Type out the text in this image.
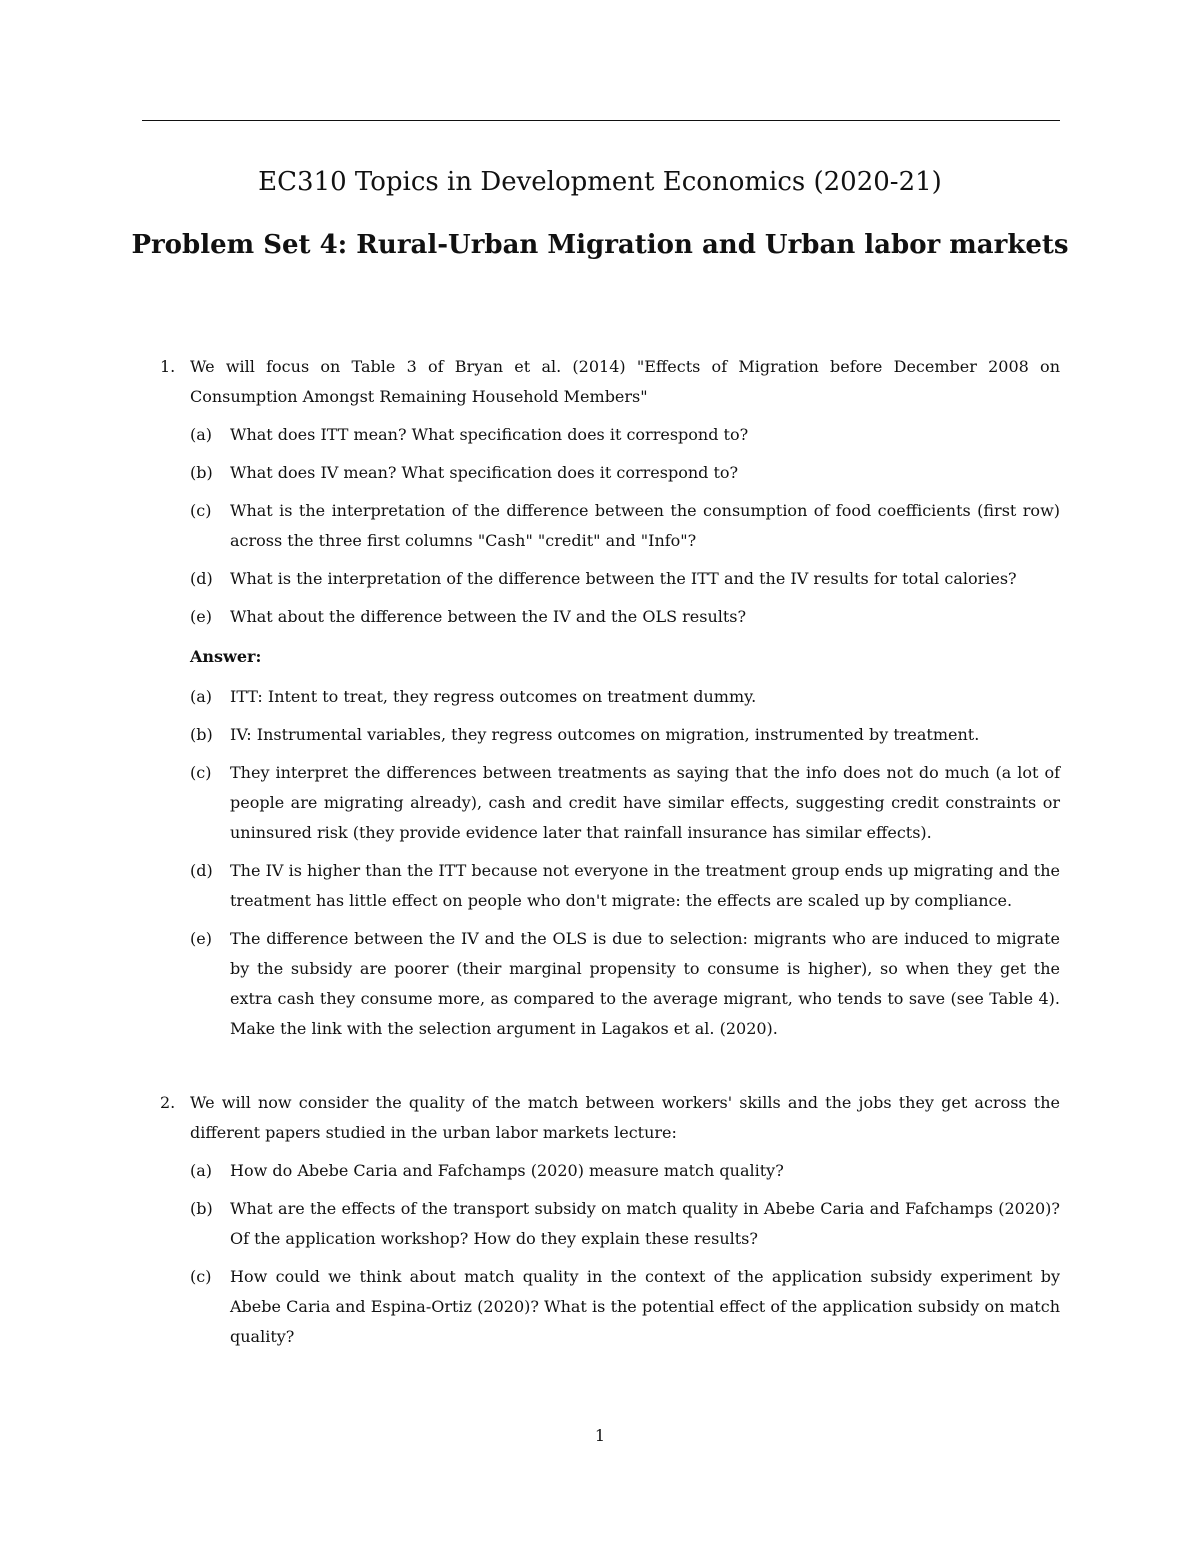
EC310 Topics in Development Economics (2020-21)
Problem Set 4: Rural-Urban Migration and Urban labor markets
1. We will focus on Table 3 of Bryan et al. (2014) "Effects of Migration before December 2008 on Consumption Amongst Remaining Household Members"
(a) What does ITT mean? What specification does it correspond to?
(b) What does IV mean? What specification does it correspond to?
(c) What is the interpretation of the difference between the consumption of food coefficients (first row) across the three first columns "Cash" "credit" and "Info"?
(d) What is the interpretation of the difference between the ITT and the IV results for total calories?
(e) What about the difference between the IV and the OLS results?
Answer:
(a) ITT: Intent to treat, they regress outcomes on treatment dummy.
(b) IV: Instrumental variables, they regress outcomes on migration, instrumented by treatment.
(c) They interpret the differences between treatments as saying that the info does not do much (a lot of people are migrating already), cash and credit have similar effects, suggesting credit constraints or uninsured risk (they provide evidence later that rainfall insurance has similar effects).
(d) The IV is higher than the ITT because not everyone in the treatment group ends up migrating and the treatment has little effect on people who don't migrate: the effects are scaled up by compliance.
(e) The difference between the IV and the OLS is due to selection: migrants who are induced to migrate by the subsidy are poorer (their marginal propensity to consume is higher), so when they get the extra cash they consume more, as compared to the average migrant, who tends to save (see Table 4). Make the link with the selection argument in Lagakos et al. (2020).
2. We will now consider the quality of the match between workers' skills and the jobs they get across the different papers studied in the urban labor markets lecture:
(a) How do Abebe Caria and Fafchamps (2020) measure match quality?
(b) What are the effects of the transport subsidy on match quality in Abebe Caria and Fafchamps (2020)? Of the application workshop? How do they explain these results?
(c) How could we think about match quality in the context of the application subsidy experiment by Abebe Caria and Espina-Ortiz (2020)? What is the potential effect of the application subsidy on match quality?
1
